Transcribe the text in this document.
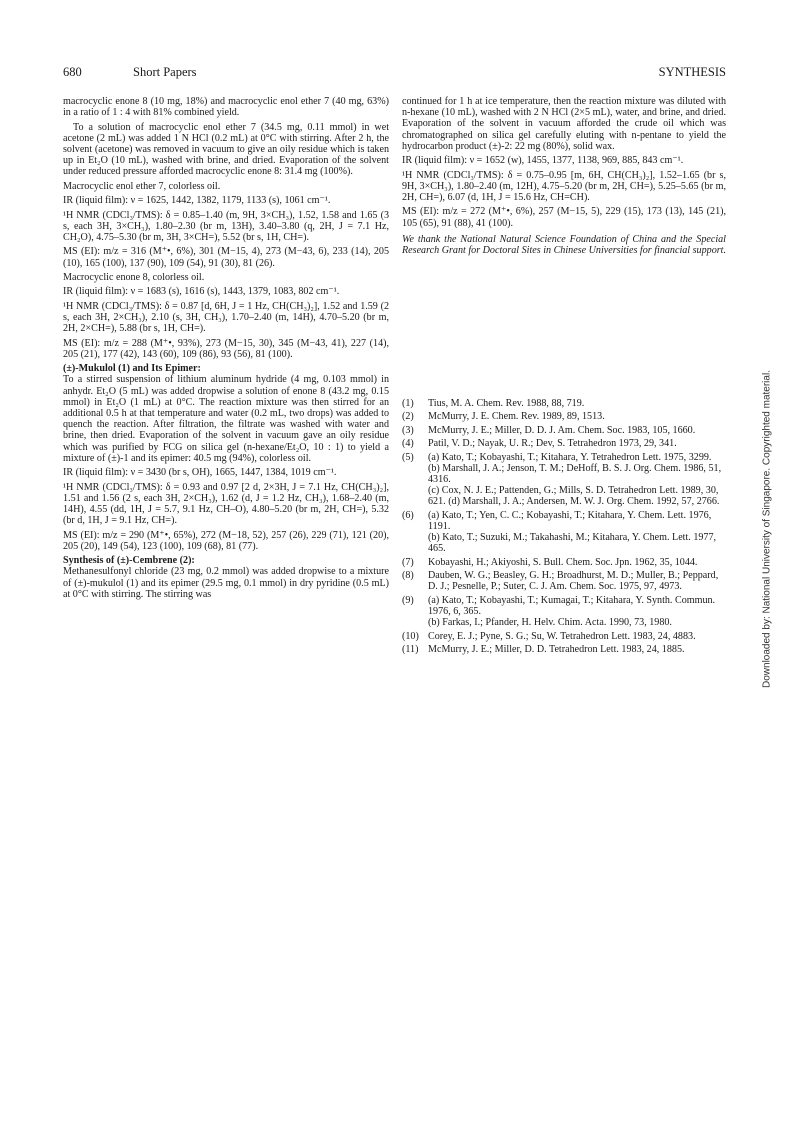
680	Short Papers	SYNTHESIS

macrocyclic enone 8 (10 mg, 18%) and macrocyclic enol ether 7 (40 mg, 63%) in a ratio of 1 : 4 with 81% combined yield.

To a solution of macrocyclic enol ether 7 (34.5 mg, 0.11 mmol) in wet acetone (2 mL) was added 1 N HCl (0.2 mL) at 0°C with stirring. After 2 h, the solvent (acetone) was removed in vacuum to give an oily residue which is taken up in Et₂O (10 mL), washed with brine, and dried. Evaporation of the solvent under reduced pressure afforded macrocyclic enone 8: 31.4 mg (100%).

Macrocyclic enol ether 7, colorless oil.

IR (liquid film): ν = 1625, 1442, 1382, 1179, 1133 (s), 1061 cm⁻¹.

¹H NMR (CDCl₃/TMS): δ = 0.85–1.40 (m, 9H, 3×CH₃), 1.52, 1.58 and 1.65 (3 s, each 3H, 3×CH₃), 1.80–2.30 (br m, 13H), 3.40–3.80 (q, 2H, J = 7.1 Hz, CH₂O), 4.75–5.30 (br m, 3H, 3×CH=), 5.52 (br s, 1H, CH=).

MS (EI): m/z = 316 (M⁺•, 6%), 301 (M−15, 4), 273 (M−43, 6), 233 (14), 205 (10), 165 (100), 137 (90), 109 (54), 91 (30), 81 (26).

Macrocyclic enone 8, colorless oil.

IR (liquid film): ν = 1683 (s), 1616 (s), 1443, 1379, 1083, 802 cm⁻¹.

¹H NMR (CDCl₃/TMS): δ = 0.87 [d, 6H, J = 1 Hz, CH(CH₃)₂], 1.52 and 1.59 (2 s, each 3H, 2×CH₃), 2.10 (s, 3H, CH₃), 1.70–2.40 (m, 14H), 4.70–5.20 (br m, 2H, 2×CH=), 5.88 (br s, 1H, CH=).

MS (EI): m/z = 288 (M⁺•, 93%), 273 (M−15, 30), 345 (M−43, 41), 227 (14), 205 (21), 177 (42), 143 (60), 109 (86), 93 (56), 81 (100).

(±)-Mukulol (1) and Its Epimer:

To a stirred suspension of lithium aluminum hydride (4 mg, 0.103 mmol) in anhydr. Et₂O (5 mL) was added dropwise a solution of enone 8 (43.2 mg, 0.15 mmol) in Et₂O (1 mL) at 0°C. The reaction mixture was then stirred for an additional 0.5 h at that temperature and water (0.2 mL, two drops) was added to quench the reaction. After filtration, the filtrate was washed with water and brine, then dried. Evaporation of the solvent in vacuum gave an oily residue which was purified by FCG on silica gel (n-hexane/Et₂O, 10 : 1) to yield a mixture of (±)-1 and its epimer: 40.5 mg (94%), colorless oil.

IR (liquid film): ν = 3430 (br s, OH), 1665, 1447, 1384, 1019 cm⁻¹.

¹H NMR (CDCl₃/TMS): δ = 0.93 and 0.97 [2 d, 2×3H, J = 7.1 Hz, CH(CH₃)₂], 1.51 and 1.56 (2 s, each 3H, 2×CH₃), 1.62 (d, J = 1.2 Hz, CH₃), 1.68–2.40 (m, 14H), 4.55 (dd, 1H, J = 5.7, 9.1 Hz, CH–O), 4.80–5.20 (br m, 2H, CH=), 5.32 (br d, 1H, J = 9.1 Hz, CH=).

MS (EI): m/z = 290 (M⁺•, 65%), 272 (M−18, 52), 257 (26), 229 (71), 121 (20), 205 (20), 149 (54), 123 (100), 109 (68), 81 (77).

Synthesis of (±)-Cembrene (2):

Methanesulfonyl chloride (23 mg, 0.2 mmol) was added dropwise to a mixture of (±)-mukulol (1) and its epimer (29.5 mg, 0.1 mmol) in dry pyridine (0.5 mL) at 0°C with stirring. The stirring was

continued for 1 h at ice temperature, then the reaction mixture was diluted with n-hexane (10 mL), washed with 2 N HCl (2×5 mL), water, and brine, and dried. Evaporation of the solvent in vacuum afforded the crude oil which was chromatographed on silica gel carefully eluting with n-pentane to yield the hydrocarbon product (±)-2: 22 mg (80%), solid wax.

IR (liquid film): ν = 1652 (w), 1455, 1377, 1138, 969, 885, 843 cm⁻¹.

¹H NMR (CDCl₃/TMS): δ = 0.75–0.95 [m, 6H, CH(CH₃)₂], 1.52–1.65 (br s, 9H, 3×CH₃), 1.80–2.40 (m, 12H), 4.75–5.20 (br m, 2H, CH=), 5.25–5.65 (br m, 2H, CH=), 6.07 (d, 1H, J = 15.6 Hz, CH=CH).

MS (EI): m/z = 272 (M⁺•, 6%), 257 (M−15, 5), 229 (15), 173 (13), 145 (21), 105 (65), 91 (88), 41 (100).

We thank the National Natural Science Foundation of China and the Special Research Grant for Doctoral Sites in Chinese Universities for financial support.

(1)	Tius, M. A. Chem. Rev. 1988, 88, 719.
(2)	McMurry, J. E. Chem. Rev. 1989, 89, 1513.
(3)	McMurry, J. E.; Miller, D. D. J. Am. Chem. Soc. 1983, 105, 1660.
(4)	Patil, V. D.; Nayak, U. R.; Dev, S. Tetrahedron 1973, 29, 341.
(5)	(a) Kato, T.; Kobayashi, T.; Kitahara, Y. Tetrahedron Lett. 1975, 3299.
(b) Marshall, J. A.; Jenson, T. M.; DeHoff, B. S. J. Org. Chem. 1986, 51, 4316.
(c) Cox, N. J. E.; Pattenden, G.; Mills, S. D. Tetrahedron Lett. 1989, 30, 621. (d) Marshall, J. A.; Andersen, M. W. J. Org. Chem. 1992, 57, 2766.
(6)	(a) Kato, T.; Yen, C. C.; Kobayashi, T.; Kitahara, Y. Chem. Lett. 1976, 1191.
(b) Kato, T.; Suzuki, M.; Takahashi, M.; Kitahara, Y. Chem. Lett. 1977, 465.
(7)	Kobayashi, H.; Akiyoshi, S. Bull. Chem. Soc. Jpn. 1962, 35, 1044.
(8)	Dauben, W. G.; Beasley, G. H.; Broadhurst, M. D.; Muller, B.; Peppard, D. J.; Pesnelle, P.; Suter, C. J. Am. Chem. Soc. 1975, 97, 4973.
(9)	(a) Kato, T.; Kobayashi, T.; Kumagai, T.; Kitahara, Y. Synth. Commun. 1976, 6, 365.
(b) Farkas, I.; Pfander, H. Helv. Chim. Acta. 1990, 73, 1980.
(10) Corey, E. J.; Pyne, S. G.; Su, W. Tetrahedron Lett. 1983, 24, 4883.
(11) McMurry, J. E.; Miller, D. D. Tetrahedron Lett. 1983, 24, 1885.	Downloaded by: National University of Singapore. Copyrighted material.
